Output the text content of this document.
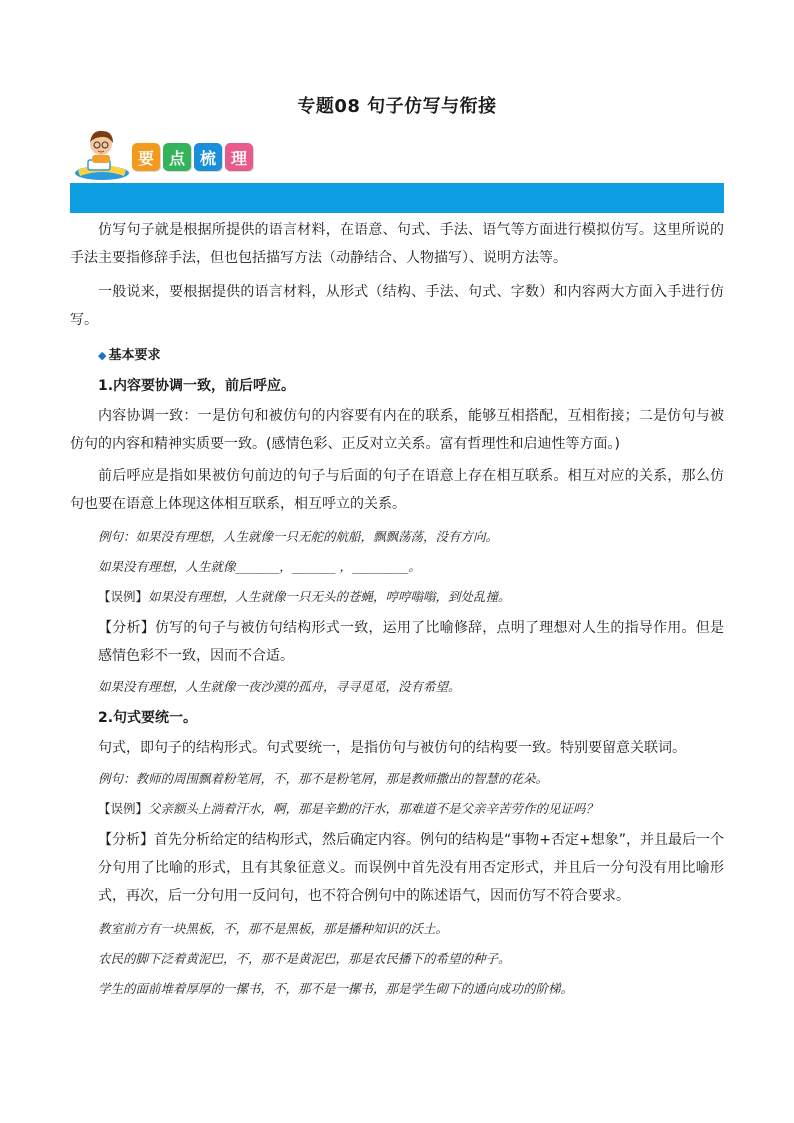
专题08 句子仿写与衔接
要 点 梳 理

仿写句子就是根据所提供的语言材料，在语意、句式、手法、语气等方面进行模拟仿写。这里所说的手法主要指修辞手法，但也包括描写方法（动静结合、人物描写）、说明方法等。

一般说来，要根据提供的语言材料，从形式（结构、手法、句式、字数）和内容两大方面入手进行仿写。

◆ 基本要求
1.内容要协调一致，前后呼应。

内容协调一致：一是仿句和被仿句的内容要有内在的联系，能够互相搭配，互相衔接；二是仿句与被仿句的内容和精神实质要一致。(感情色彩、正反对立关系。富有哲理性和启迪性等方面。)

前后呼应是指如果被仿句前边的句子与后面的句子在语意上存在相互联系。相互对应的关系，那么仿句也要在语意上体现这体相互联系，相互呼立的关系。

例句：如果没有理想，人生就像一只无舵的航船，飘飘荡荡，没有方向。

如果没有理想，人生就像_______，_______ ，_________。

【误例】如果没有理想，人生就像一只无头的苍蝇，哼哼嗡嗡，到处乱撞。

【分析】仿写的句子与被仿句结构形式一致，运用了比喻修辞，点明了理想对人生的指导作用。但是感情色彩不一致，因而不合适。

如果没有理想，人生就像一夜沙漠的孤舟，寻寻觅觅，没有希望。

2.句式要统一。

句式，即句子的结构形式。句式要统一，是指仿句与被仿句的结构要一致。特别要留意关联词。

例句：教师的周围飘着粉笔屑，不，那不是粉笔屑，那是教师撒出的智慧的花朵。

【误例】父亲额头上淌着汗水，啊，那是辛勤的汗水，那难道不是父亲辛苦劳作的见证吗？

【分析】首先分析给定的结构形式，然后确定内容。例句的结构是“事物+否定+想象”，并且最后一个分句用了比喻的形式，且有其象征意义。而误例中首先没有用否定形式，并且后一分句没有用比喻形式，再次，后一分句用一反问句，也不符合例句中的陈述语气，因而仿写不符合要求。

教室前方有一块黑板，不，那不是黑板，那是播种知识的沃土。

农民的脚下泛着黄泥巴，不，那不是黄泥巴，那是农民播下的希望的种子。

学生的面前堆着厚厚的一摞书，不，那不是一摞书，那是学生砌下的通向成功的阶梯。
